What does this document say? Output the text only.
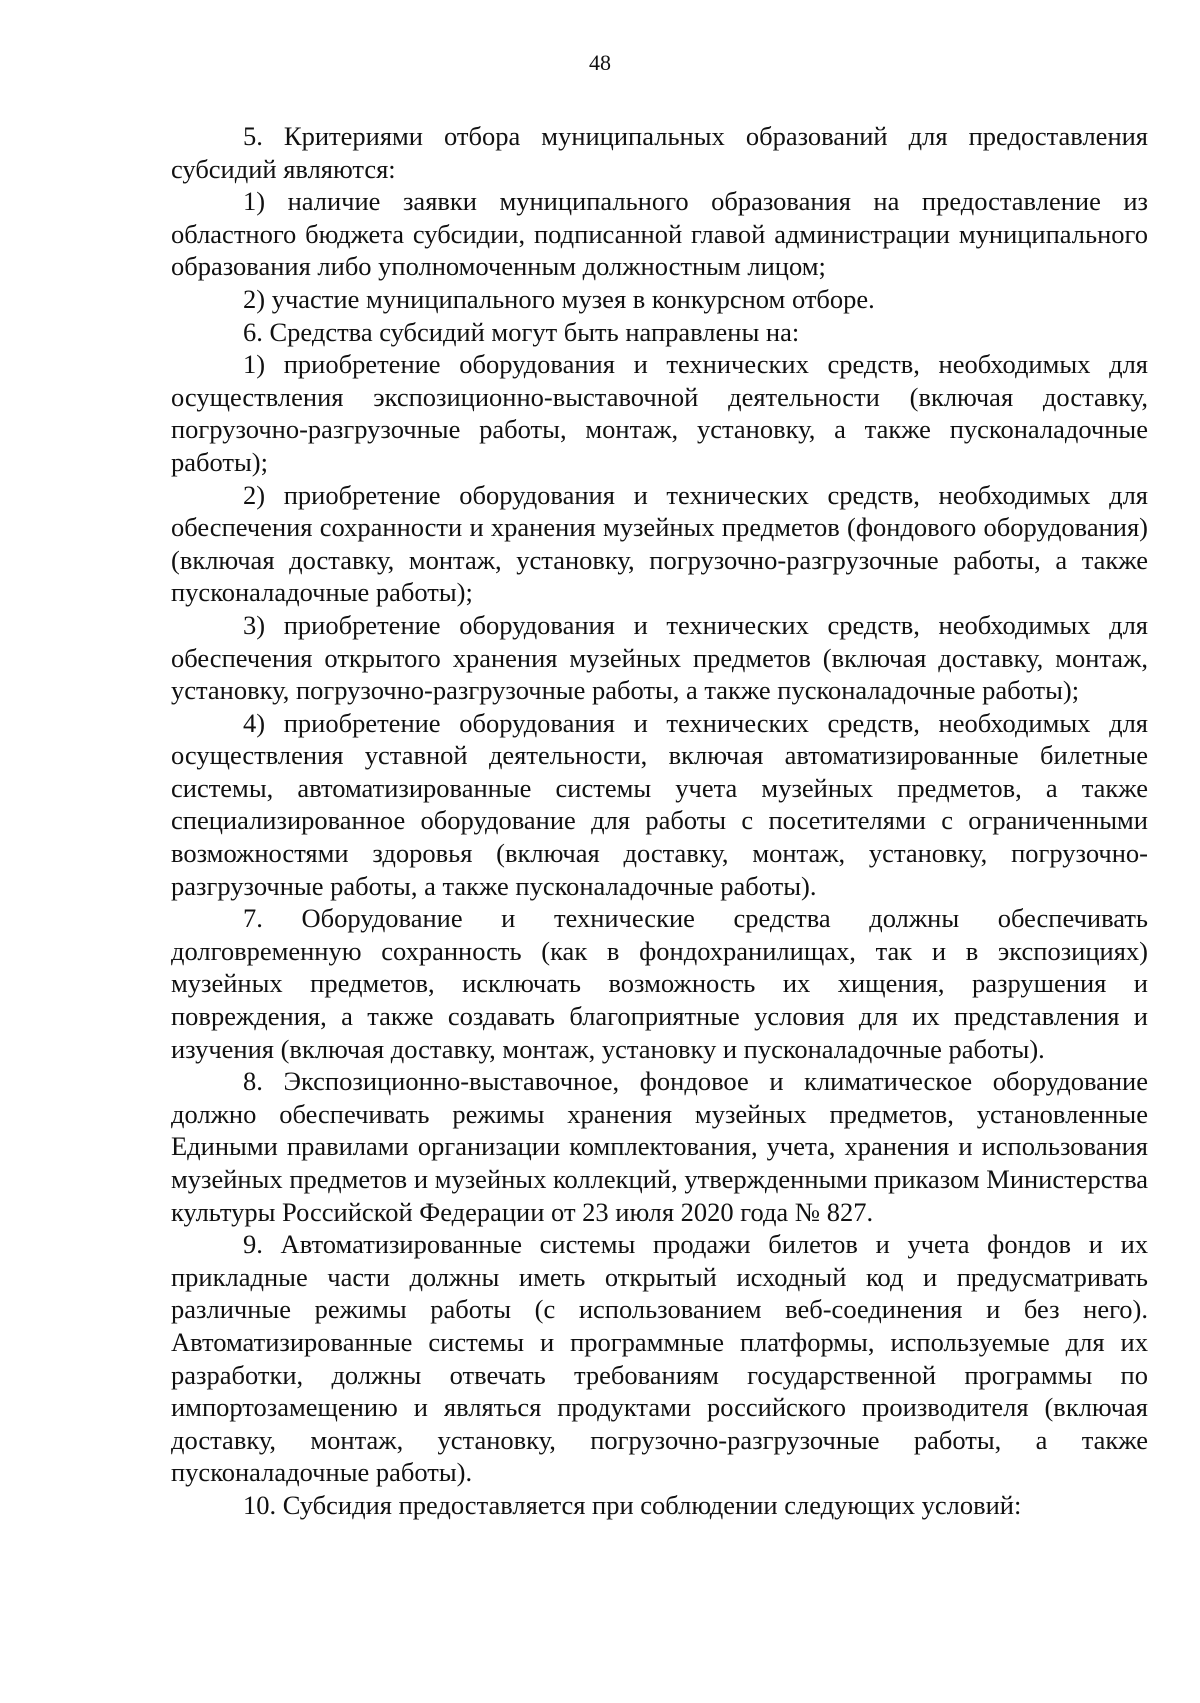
48

5. Критериями отбора муниципальных образований для предоставления субсидий являются:

1) наличие заявки муниципального образования на предоставление из областного бюджета субсидии, подписанной главой администрации муниципального образования либо уполномоченным должностным лицом;

2) участие муниципального музея в конкурсном отборе.

6. Средства субсидий могут быть направлены на:

1) приобретение оборудования и технических средств, необходимых для осуществления экспозиционно-выставочной деятельности (включая доставку, погрузочно-разгрузочные работы, монтаж, установку, а также пусконаладочные работы);

2) приобретение оборудования и технических средств, необходимых для обеспечения сохранности и хранения музейных предметов (фондового оборудования) (включая доставку, монтаж, установку, погрузочно-разгрузочные работы, а также пусконаладочные работы);

3) приобретение оборудования и технических средств, необходимых для обеспечения открытого хранения музейных предметов (включая доставку, монтаж, установку, погрузочно-разгрузочные работы, а также пусконаладочные работы);

4) приобретение оборудования и технических средств, необходимых для осуществления уставной деятельности, включая автоматизированные билетные системы, автоматизированные системы учета музейных предметов, а также специализированное оборудование для работы с посетителями с ограниченными возможностями здоровья (включая доставку, монтаж, установку, погрузочно-разгрузочные работы, а также пусконаладочные работы).

7. Оборудование и технические средства должны обеспечивать долговременную сохранность (как в фондохранилищах, так и в экспозициях) музейных предметов, исключать возможность их хищения, разрушения и повреждения, а также создавать благоприятные условия для их представления и изучения (включая доставку, монтаж, установку и пусконаладочные работы).

8. Экспозиционно-выставочное, фондовое и климатическое оборудование должно обеспечивать режимы хранения музейных предметов, установленные Едиными правилами организации комплектования, учета, хранения и использования музейных предметов и музейных коллекций, утвержденными приказом Министерства культуры Российской Федерации от 23 июля 2020 года № 827.

9. Автоматизированные системы продажи билетов и учета фондов и их прикладные части должны иметь открытый исходный код и предусматривать различные режимы работы (с использованием веб-соединения и без него). Автоматизированные системы и программные платформы, используемые для их разработки, должны отвечать требованиям государственной программы по импортозамещению и являться продуктами российского производителя (включая доставку, монтаж, установку, погрузочно-разгрузочные работы, а также пусконаладочные работы).

10. Субсидия предоставляется при соблюдении следующих условий:
